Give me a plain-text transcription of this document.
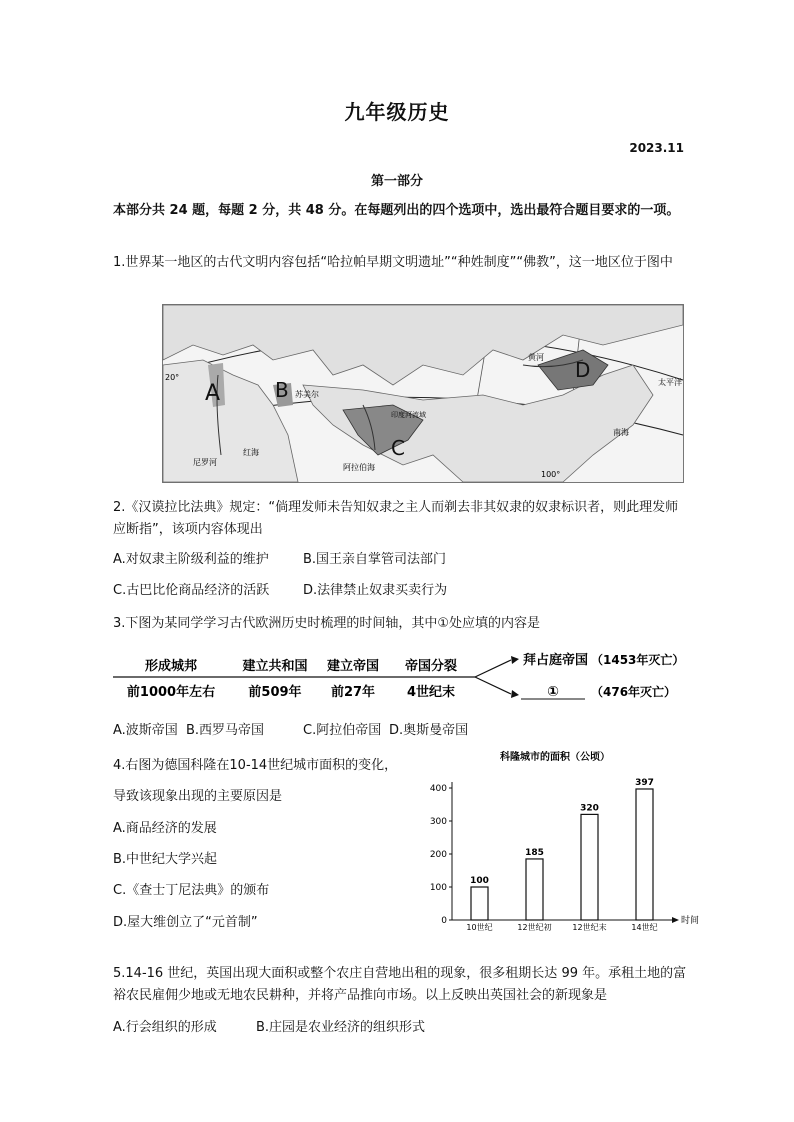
九年级历史
2023.11
第一部分
本部分共 24 题，每题 2 分，共 48 分。在每题列出的四个选项中，选出最符合题目要求的一项。
1.世界某一地区的古代文明内容包括“哈拉帕早期文明遗址”“种姓制度”“佛教”，这一地区位于图中
A	B
C
D
尼罗河
红海
苏美尔
阿拉伯海
印度河流域
黄河
太平洋
南海
100°
20°
2.《汉谟拉比法典》规定：“倘理发师未告知奴隶之主人而剃去非其奴隶的奴隶标识者，则此理发师应断指”，该项内容体现出
A.对奴隶主阶级利益的维护	B.国王亲自掌管司法部门
C.古巴比伦商品经济的活跃	D.法律禁止奴隶买卖行为
3.下图为某同学学习古代欧洲历史时梳理的时间轴，其中①处应填的内容是
形成城邦
前1000年左右
建立共和国
前509年
建立帝国
前27年
帝国分裂
4世纪末
拜占庭帝国 （1453年灭亡）
①	（476年灭亡）
A.波斯帝国 B.西罗马帝国	C.阿拉伯帝国 D.奥斯曼帝国
4.右图为德国科隆在10-14世纪城市面积的变化，
导致该现象出现的主要原因是
A.商品经济的发展
B.中世纪大学兴起
C.《查士丁尼法典》的颁布
D.屋大维创立了“元首制”
科隆城市的面积（公顷）
时间
0
100
200
300
400
100
10世纪
185
12世纪初
320
12世纪末
397
14世纪
5.14-16 世纪，英国出现大面积或整个农庄自营地出租的现象，很多租期长达 99 年。承租土地的富裕农民雇佣少地或无地农民耕种，并将产品推向市场。以上反映出英国社会的新现象是
A.行会组织的形成	B.庄园是农业经济的组织形式
